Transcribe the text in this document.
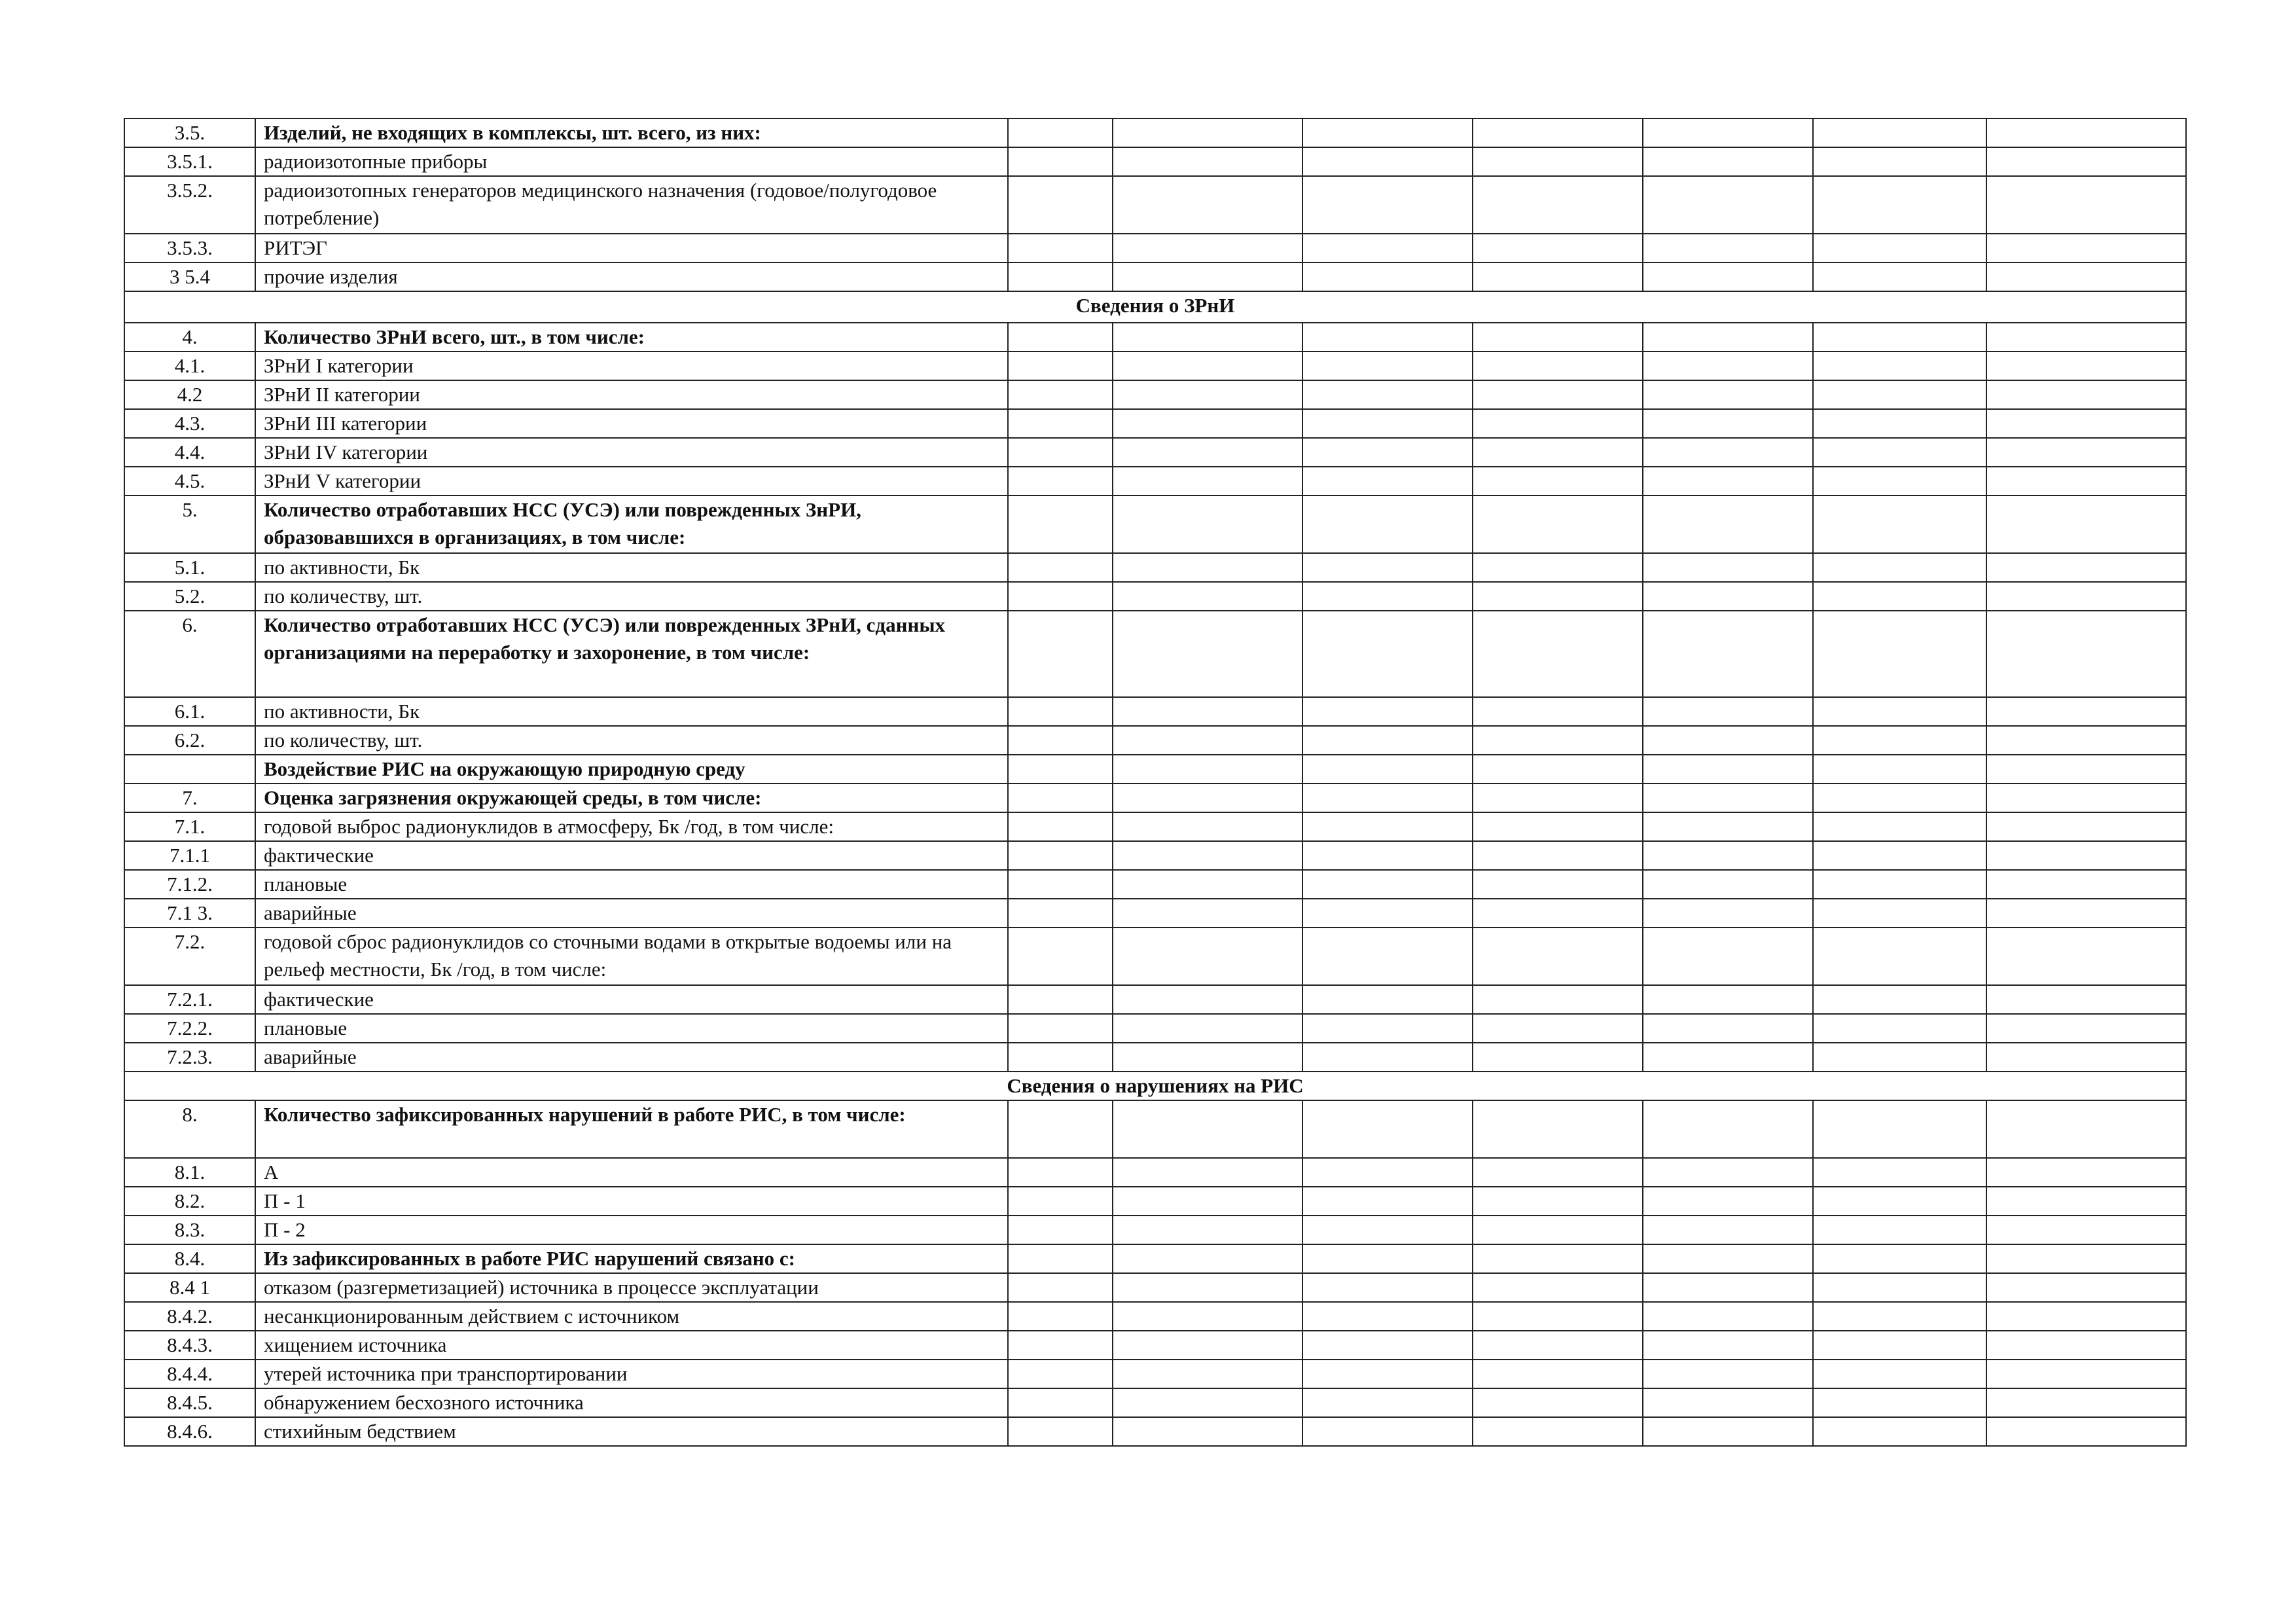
3.5.	Изделий, не входящих в комплексы, шт. всего, из них:							
3.5.1.	радиоизотопные приборы							
3.5.2.	радиоизотопных генераторов медицинского назначения (годовое/полугодовое потребление)							
3.5.3.	РИТЭГ							
3 5.4	прочие изделия							
Сведения о ЗРнИ								
4.	Количество ЗРнИ всего, шт., в том числе:							
4.1.	ЗРнИ I категории							
4.2	ЗРнИ II категории							
4.3.	ЗРнИ III категории							
4.4.	ЗРнИ IV категории							
4.5.	ЗРнИ V категории							
5.	Количество отработавших НСС (УСЭ) или поврежденных ЗнРИ, образовавшихся в организациях, в том числе:							
5.1.	по активности, Бк							
5.2.	по количеству, шт.							
6.	Количество отработавших НСС (УСЭ) или поврежденных ЗРнИ, сданных организациями на переработку и захоронение, в том числе:							
6.1.	по активности, Бк							
6.2.	по количеству, шт.							
	Воздействие РИС на окружающую природную среду							
7.	Оценка загрязнения окружающей среды, в том числе:							
7.1.	годовой выброс радионуклидов в атмосферу, Бк /год, в том числе:							
7.1.1	фактические							
7.1.2.	плановые							
7.1 3.	аварийные							
7.2.	годовой сброс радионуклидов со сточными водами в открытые водоемы или на рельеф местности, Бк /год, в том числе:							
7.2.1.	фактические							
7.2.2.	плановые							
7.2.3.	аварийные							
Сведения о нарушениях на РИС								
8.	Количество зафиксированных нарушений в работе РИС, в том числе:							
8.1.	А							
8.2.	П - 1							
8.3.	П - 2							
8.4.	Из зафиксированных в работе РИС нарушений связано с:							
8.4 1	отказом (разгерметизацией) источника в процессе эксплуатации							
8.4.2.	несанкционированным действием с источником							
8.4.3.	хищением источника							
8.4.4.	утерей источника при транспортировании							
8.4.5.	обнаружением бесхозного источника							
8.4.6.	стихийным бедствием							
